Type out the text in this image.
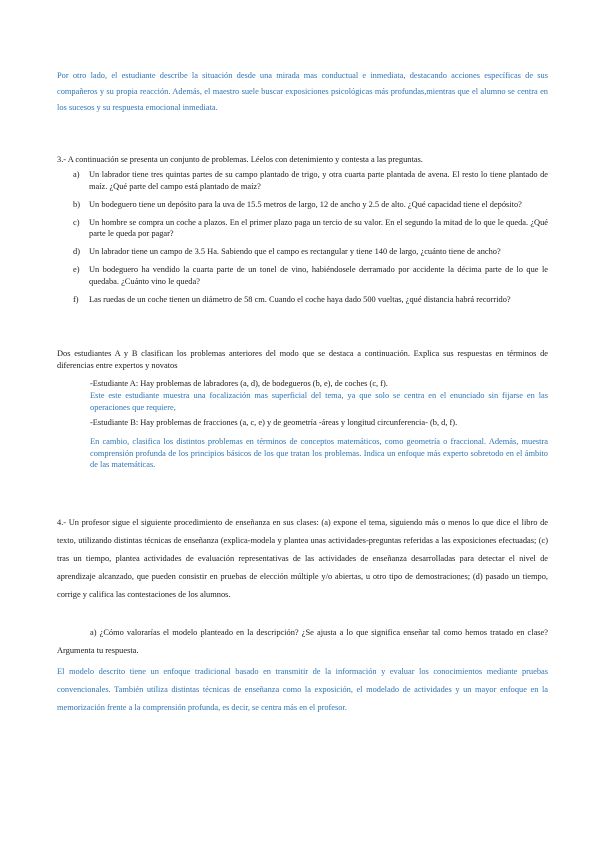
Por otro lado, el estudiante describe la situación desde una mirada mas conductual e inmediata, destacando acciones específicas de sus compañeros y su propia reacción. Además, el maestro suele buscar exposiciones psicológicas más profundas,mientras que el alumno se centra en los sucesos y su respuesta emocional inmediata.

3.- A continuación se presenta un conjunto de problemas. Léelos con detenimiento y contesta a las preguntas.
a) Un labrador tiene tres quintas partes de su campo plantado de trigo, y otra cuarta parte plantada de avena. El resto lo tiene plantado de maíz. ¿Qué parte del campo está plantado de maíz?
b) Un bodeguero tiene un depósito para la uva de 15.5 metros de largo, 12 de ancho y 2.5 de alto. ¿Qué capacidad tiene el depósito?
c) Un hombre se compra un coche a plazos. En el primer plazo paga un tercio de su valor. En el segundo la mitad de lo que le queda. ¿Qué parte le queda por pagar?
d) Un labrador tiene un campo de 3.5 Ha. Sabiendo que el campo es rectangular y tiene 140 de largo, ¿cuánto tiene de ancho?
e) Un bodeguero ha vendido la cuarta parte de un tonel de vino, habiéndosele derramado por accidente la décima parte de lo que le quedaba. ¿Cuánto vino le queda?
f) Las ruedas de un coche tienen un diámetro de 58 cm. Cuando el coche haya dado 500 vueltas, ¿qué distancia habrá recorrido?
Dos estudiantes A y B clasifican los problemas anteriores del modo que se destaca a continuación. Explica sus respuestas en términos de diferencias entre expertos y novatos
-Estudiante A: Hay problemas de labradores (a, d), de bodegueros (b, e), de coches (c, f).
Este este estudiante muestra una focalización mas superficial del tema, ya que solo se centra en el enunciado sin fijarse en las operaciones que requiere,
-Estudiante B: Hay problemas de fracciones (a, c, e) y de geometría -áreas y longitud circunferencia- (b, d, f).
En cambio, clasifica los distintos problemas en términos de conceptos matemáticos, como geometría o fraccional. Además, muestra comprensión profunda de los principios básicos de los que tratan los problemas. Indica un enfoque más experto sobretodo en el ámbito de las matemáticas.
4.- Un profesor sigue el siguiente procedimiento de enseñanza en sus clases: (a) expone el tema, siguiendo más o menos lo que dice el libro de texto, utilizando distintas técnicas de enseñanza (explica-modela y plantea unas actividades-preguntas referidas a las exposiciones efectuadas; (c) tras un tiempo, plantea actividades de evaluación representativas de las actividades de enseñanza desarrolladas para detectar el nivel de aprendizaje alcanzado, que pueden consistir en pruebas de elección múltiple y/o abiertas, u otro tipo de demostraciones; (d) pasado un tiempo, corrige y califica las contestaciones de los alumnos.
a) ¿Cómo valorarías el modelo planteado en la descripción? ¿Se ajusta a lo que significa enseñar tal como hemos tratado en clase? Argumenta tu respuesta.
El modelo descrito tiene un enfoque tradicional basado en transmitir de la información y evaluar los conocimientos mediante pruebas convencionales. También utiliza distintas técnicas de enseñanza como la exposición, el modelado de actividades y un mayor enfoque en la memorización frente a la comprensión profunda, es decir, se centra más en el profesor.
